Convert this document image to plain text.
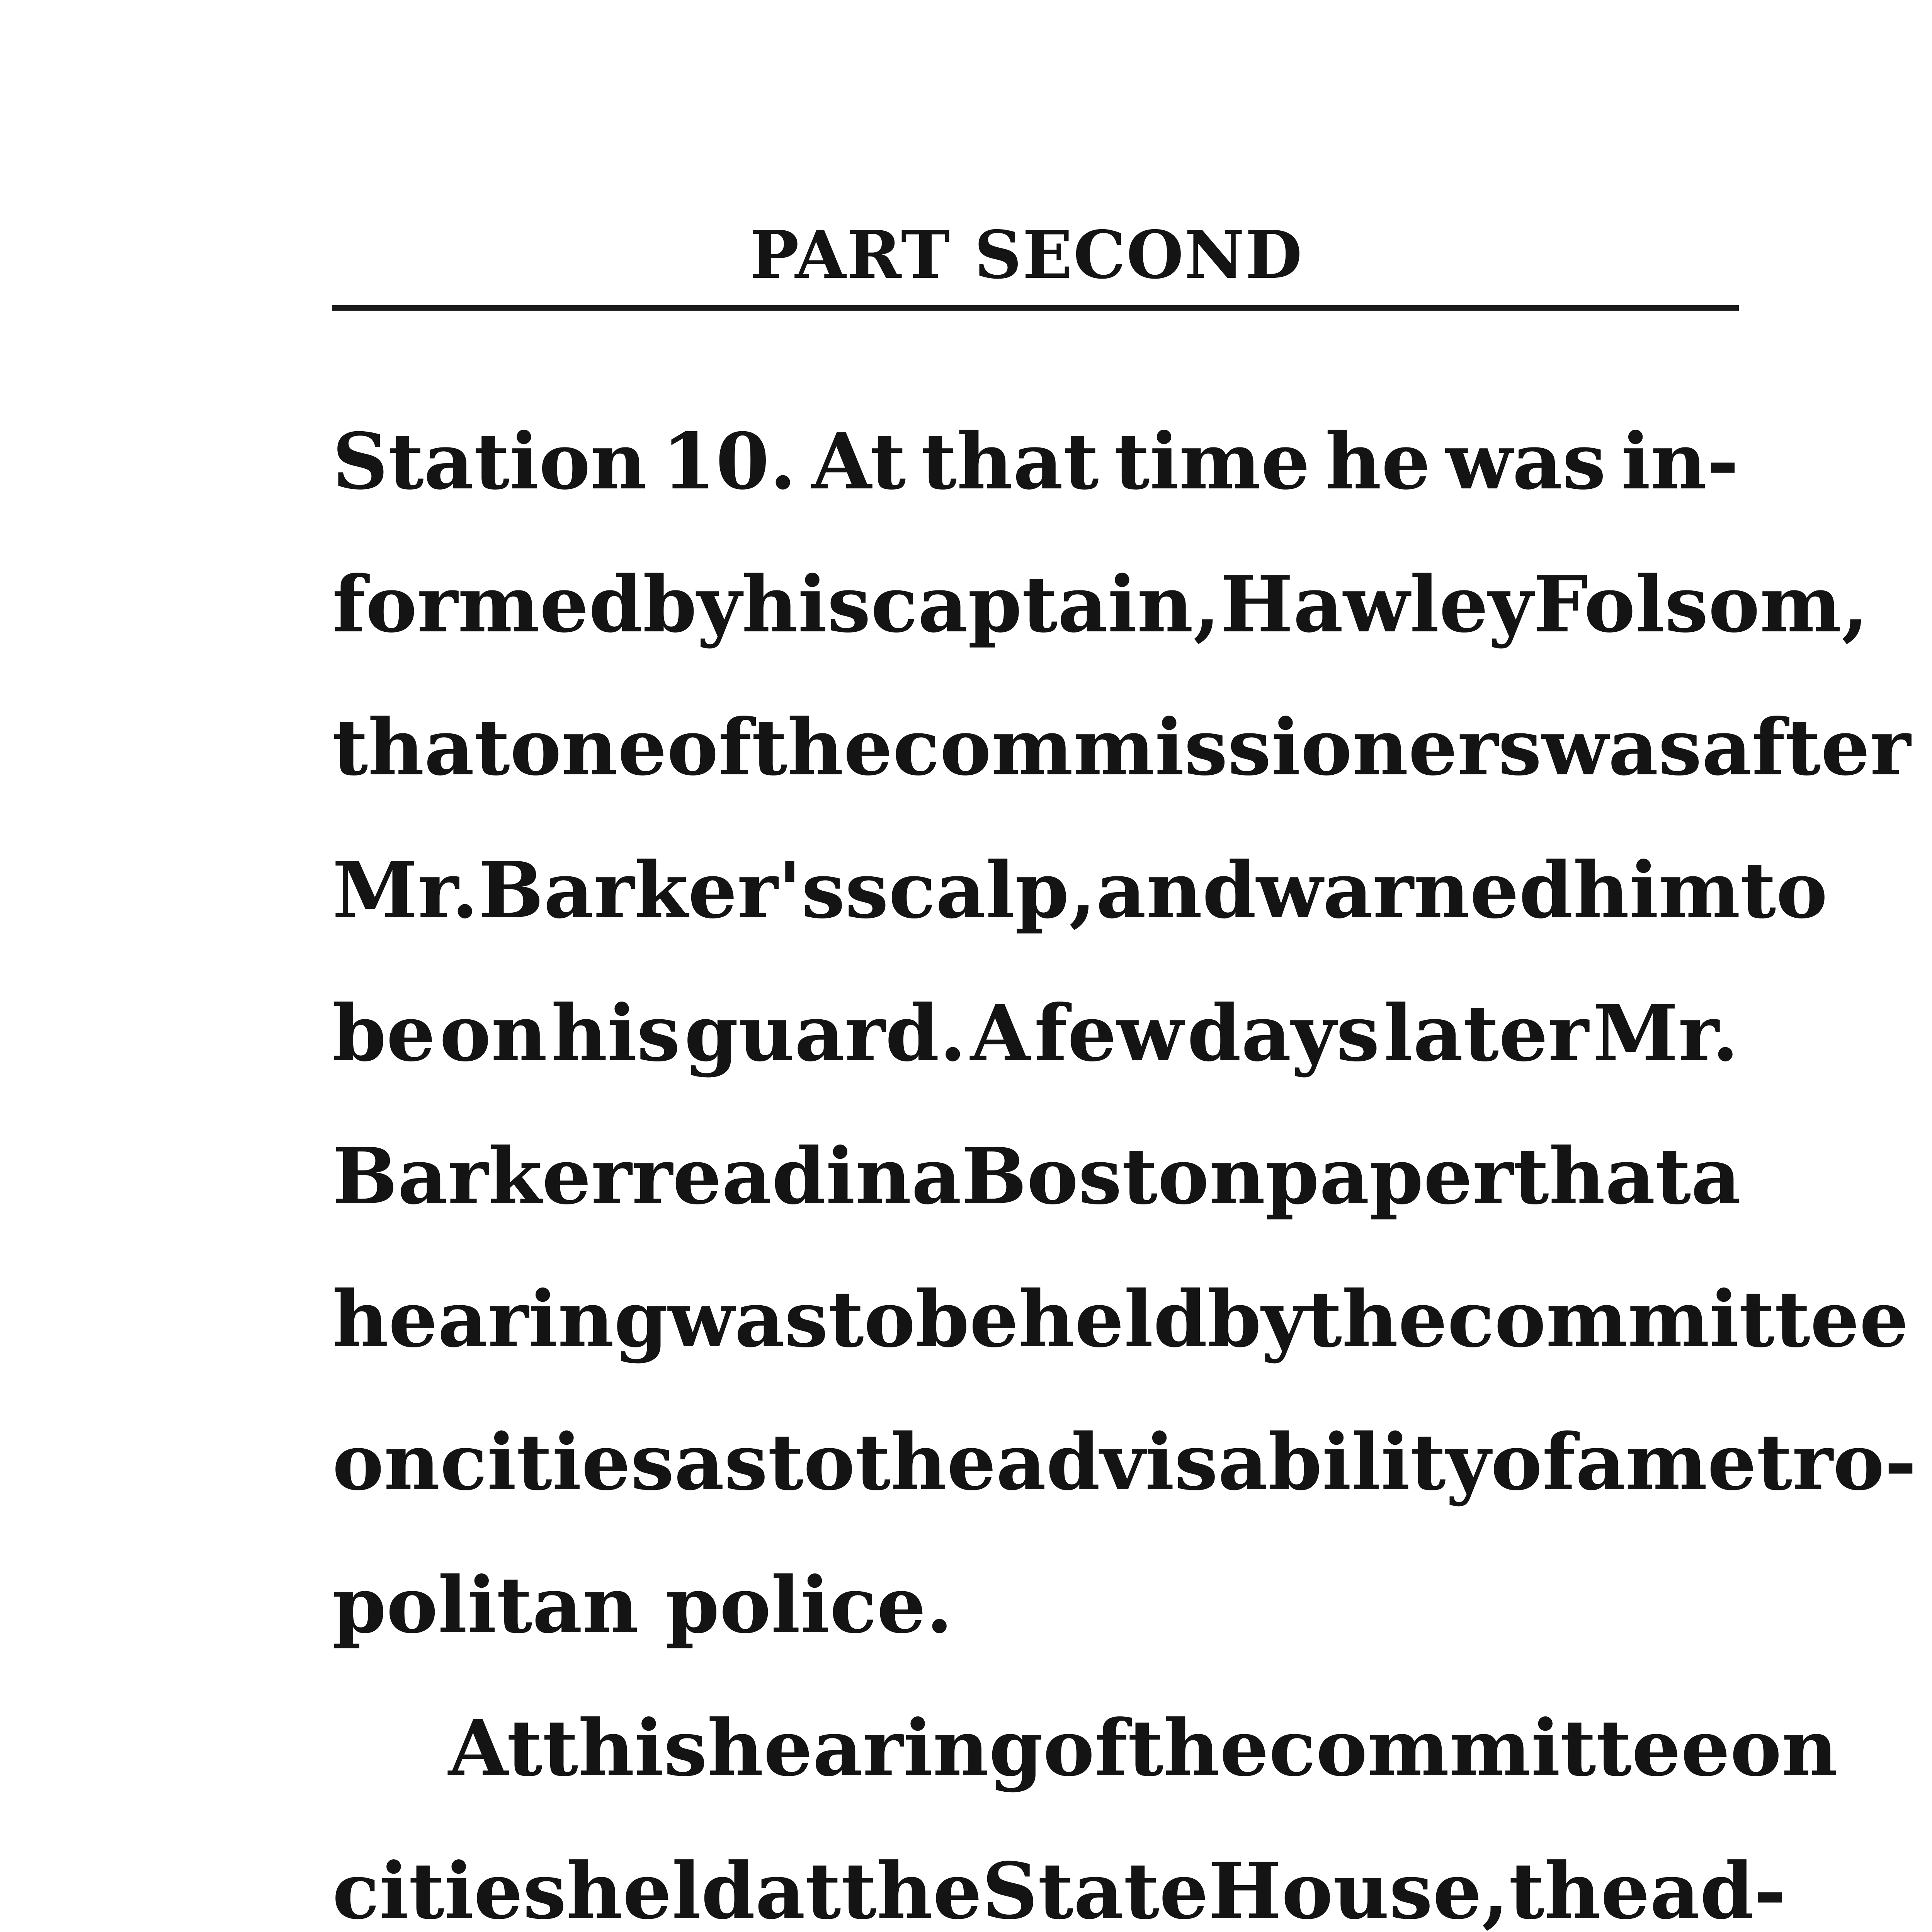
PART SECOND
Station 10. At that time he was in-
formed by his captain, Hawley Folsom,
that one of the commissioners was after
Mr. Barker's scalp, and warned him to
be on his guard. A few days later Mr.
Barker read in a Boston paper that a
hearing was to be held by the committee
on cities as to the advisability of a metro-
politan police.
At this hearing of the committee on
cities held at the State House, the ad-
